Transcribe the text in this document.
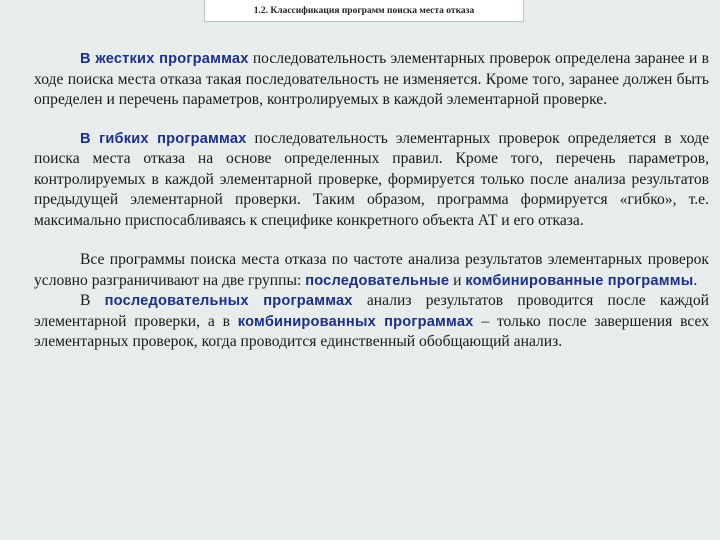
1.2. Классификация программ поиска места отказа

В жестких программах последовательность элементарных проверок определена заранее и в ходе поиска места отказа такая последовательность не изменяется. Кроме того, заранее должен быть определен и перечень параметров, контролируемых в каждой элементарной проверке.

В гибких программах последовательность элементарных проверок определяется в ходе поиска места отказа на основе определенных правил. Кроме того, перечень параметров, контролируемых в каждой элементарной проверке, формируется только после анализа результатов предыдущей элементарной проверки. Таким образом, программа формируется «гибко», т.е. максимально приспосабливаясь к специфике конкретного объекта АТ и его отказа.

Все программы поиска места отказа по частоте анализа результатов элементарных проверок условно разграничивают на две группы: последовательные и комбинированные программы.

В последовательных программах анализ результатов проводится после каждой элементарной проверки, а в комбинированных программах – только после завершения всех элементарных проверок, когда проводится единственный обобщающий анализ.
